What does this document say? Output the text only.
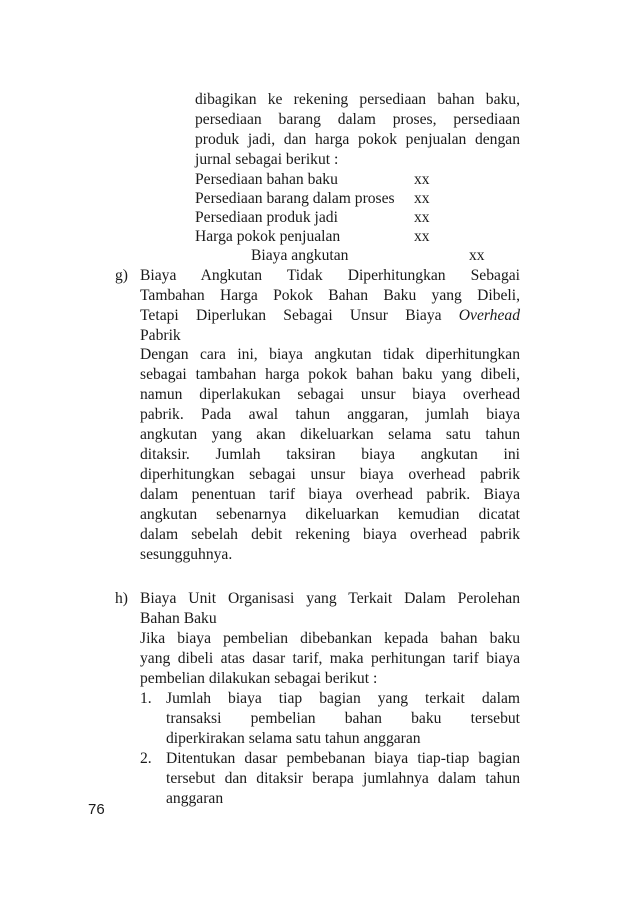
dibagikan ke rekening persediaan bahan baku,
persediaan barang dalam proses, persediaan
produk jadi, dan harga pokok penjualan dengan
jurnal sebagai berikut :
Persediaan bahan baku	xx
Persediaan barang dalam proses xx
Persediaan produk jadi	xx
Harga pokok penjualan	xx
Biaya angkutan	xx
g) Biaya Angkutan Tidak Diperhitungkan Sebagai
Tambahan Harga Pokok Bahan Baku yang Dibeli,
Tetapi Diperlukan Sebagai Unsur Biaya Overhead
Pabrik
Dengan cara ini, biaya angkutan tidak diperhitungkan
sebagai tambahan harga pokok bahan baku yang dibeli,
namun diperlakukan sebagai unsur biaya overhead
pabrik. Pada awal tahun anggaran, jumlah biaya
angkutan yang akan dikeluarkan selama satu tahun
ditaksir. Jumlah taksiran biaya angkutan ini
diperhitungkan sebagai unsur biaya overhead pabrik
dalam penentuan tarif biaya overhead pabrik. Biaya
angkutan sebenarnya dikeluarkan kemudian dicatat
dalam sebelah debit rekening biaya overhead pabrik
sesungguhnya.
h) Biaya Unit Organisasi yang Terkait Dalam Perolehan
Bahan Baku
Jika biaya pembelian dibebankan kepada bahan baku
yang dibeli atas dasar tarif, maka perhitungan tarif biaya
pembelian dilakukan sebagai berikut :
1. Jumlah biaya tiap bagian yang terkait dalam
transaksi pembelian bahan baku tersebut
diperkirakan selama satu tahun anggaran
2. Ditentukan dasar pembebanan biaya tiap-tiap bagian
tersebut dan ditaksir berapa jumlahnya dalam tahun
anggaran
76
